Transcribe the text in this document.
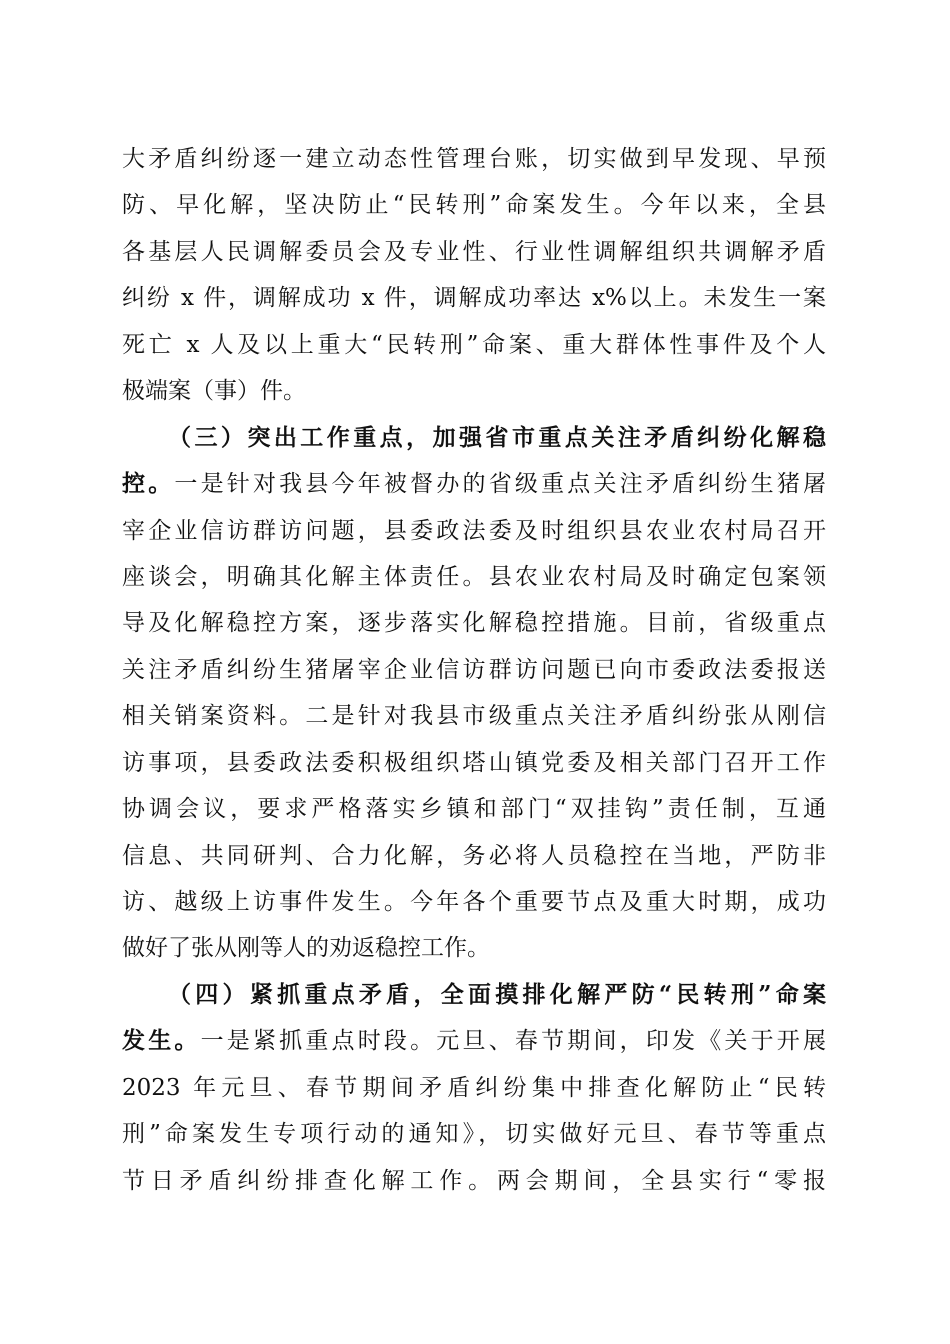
大矛盾纠纷逐一建立动态性管理台账，切实做到早发现、早预
防、早化解，坚决防止“民转刑”命案发生。今年以来，全县
各基层人民调解委员会及专业性、行业性调解组织共调解矛盾
纠纷 x 件，调解成功 x 件，调解成功率达 x%以上。未发生一案
死亡 x 人及以上重大“民转刑”命案、重大群体性事件及个人
极端案（事）件。
（三）突出工作重点，加强省市重点关注矛盾纠纷化解稳
控。一是针对我县今年被督办的省级重点关注矛盾纠纷生猪屠
宰企业信访群访问题，县委政法委及时组织县农业农村局召开
座谈会，明确其化解主体责任。县农业农村局及时确定包案领
导及化解稳控方案，逐步落实化解稳控措施。目前，省级重点
关注矛盾纠纷生猪屠宰企业信访群访问题已向市委政法委报送
相关销案资料。二是针对我县市级重点关注矛盾纠纷张从刚信
访事项，县委政法委积极组织塔山镇党委及相关部门召开工作
协调会议，要求严格落实乡镇和部门“双挂钩”责任制，互通
信息、共同研判、合力化解，务必将人员稳控在当地，严防非
访、越级上访事件发生。今年各个重要节点及重大时期，成功
做好了张从刚等人的劝返稳控工作。
（四）紧抓重点矛盾，全面摸排化解严防“民转刑”命案
发生。一是紧抓重点时段。元旦、春节期间，印发《关于开展
2023 年元旦、春节期间矛盾纠纷集中排查化解防止“民转
刑”命案发生专项行动的通知》，切实做好元旦、春节等重点
节日矛盾纠纷排查化解工作。两会期间，全县实行“零报
